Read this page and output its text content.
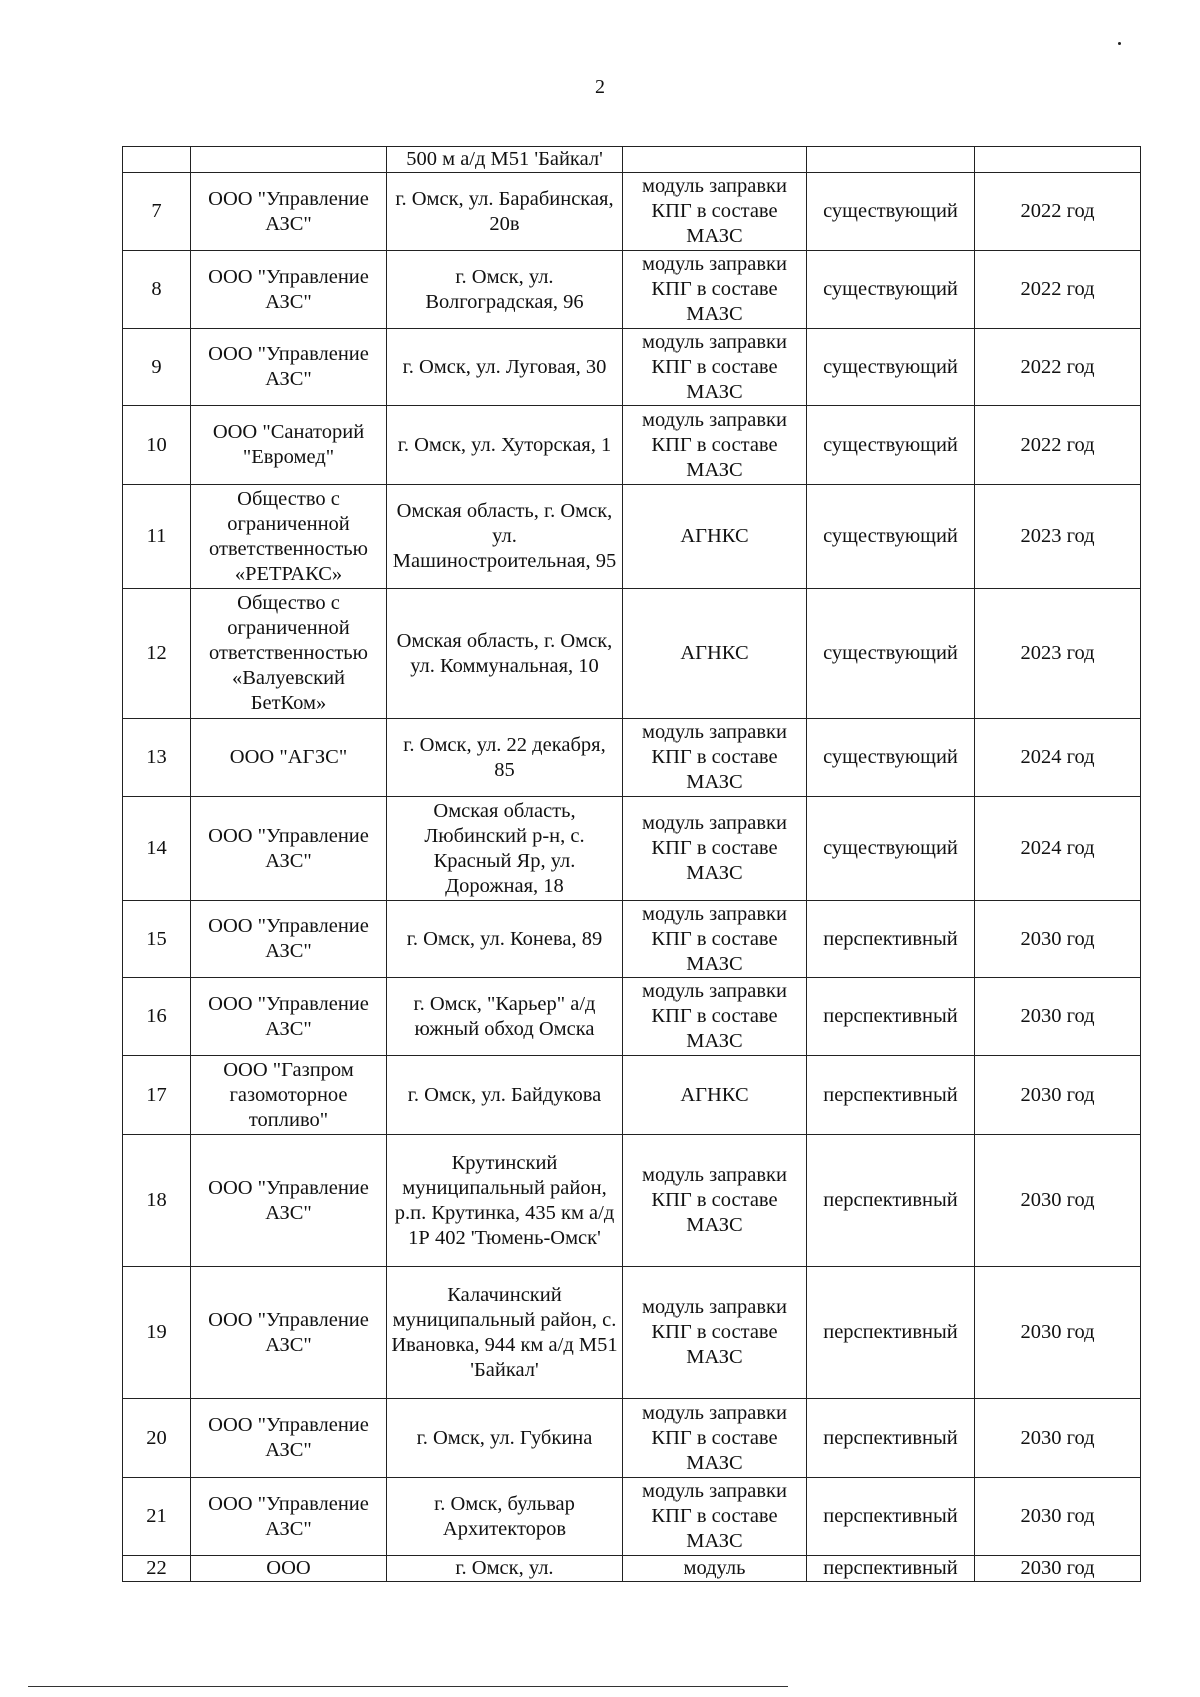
2
		500 м а/д М51 'Байкал'			
7	ООО "Управление АЗС"	г. Омск, ул. Барабинская, 20в	модуль заправки КПГ в составе МАЗС	существующий	2022 год
8	ООО "Управление АЗС"	г. Омск, ул. Волгоградская, 96	модуль заправки КПГ в составе МАЗС	существующий	2022 год
9	ООО "Управление АЗС"	г. Омск, ул. Луговая, 30	модуль заправки КПГ в составе МАЗС	существующий	2022 год
10	ООО "Санаторий "Евромед"	г. Омск, ул. Хуторская, 1	модуль заправки КПГ в составе МАЗС	существующий	2022 год
11	Общество с ограниченной ответственностью «РЕТРАКС»	Омская область, г. Омск, ул. Машиностроительная, 95	АГНКС	существующий	2023 год
12	Общество с ограниченной ответственностью «Валуевский БетКом»	Омская область, г. Омск, ул. Коммунальная, 10	АГНКС	существующий	2023 год
13	ООО "АГЗС"	г. Омск, ул. 22 декабря, 85	модуль заправки КПГ в составе МАЗС	существующий	2024 год
14	ООО "Управление АЗС"	Омская область, Любинский р-н, с. Красный Яр, ул. Дорожная, 18	модуль заправки КПГ в составе МАЗС	существующий	2024 год
15	ООО "Управление АЗС"	г. Омск, ул. Конева, 89	модуль заправки КПГ в составе МАЗС	перспективный	2030 год
16	ООО "Управление АЗС"	г. Омск, "Карьер" а/д южный обход Омска	модуль заправки КПГ в составе МАЗС	перспективный	2030 год
17	ООО "Газпром газомоторное топливо"	г. Омск, ул. Байдукова	АГНКС	перспективный	2030 год
18	ООО "Управление АЗС"	Крутинский муниципальный район, р.п. Крутинка, 435 км а/д 1Р 402 'Тюмень-Омск'	модуль заправки КПГ в составе МАЗС	перспективный	2030 год
19	ООО "Управление АЗС"	Калачинский муниципальный район, с. Ивановка, 944 км а/д М51 'Байкал'	модуль заправки КПГ в составе МАЗС	перспективный	2030 год
20	ООО "Управление АЗС"	г. Омск, ул. Губкина	модуль заправки КПГ в составе МАЗС	перспективный	2030 год
21	ООО "Управление АЗС"	г. Омск, бульвар Архитекторов	модуль заправки КПГ в составе МАЗС	перспективный	2030 год
22	ООО	г. Омск, ул.	модуль	перспективный	2030 год
